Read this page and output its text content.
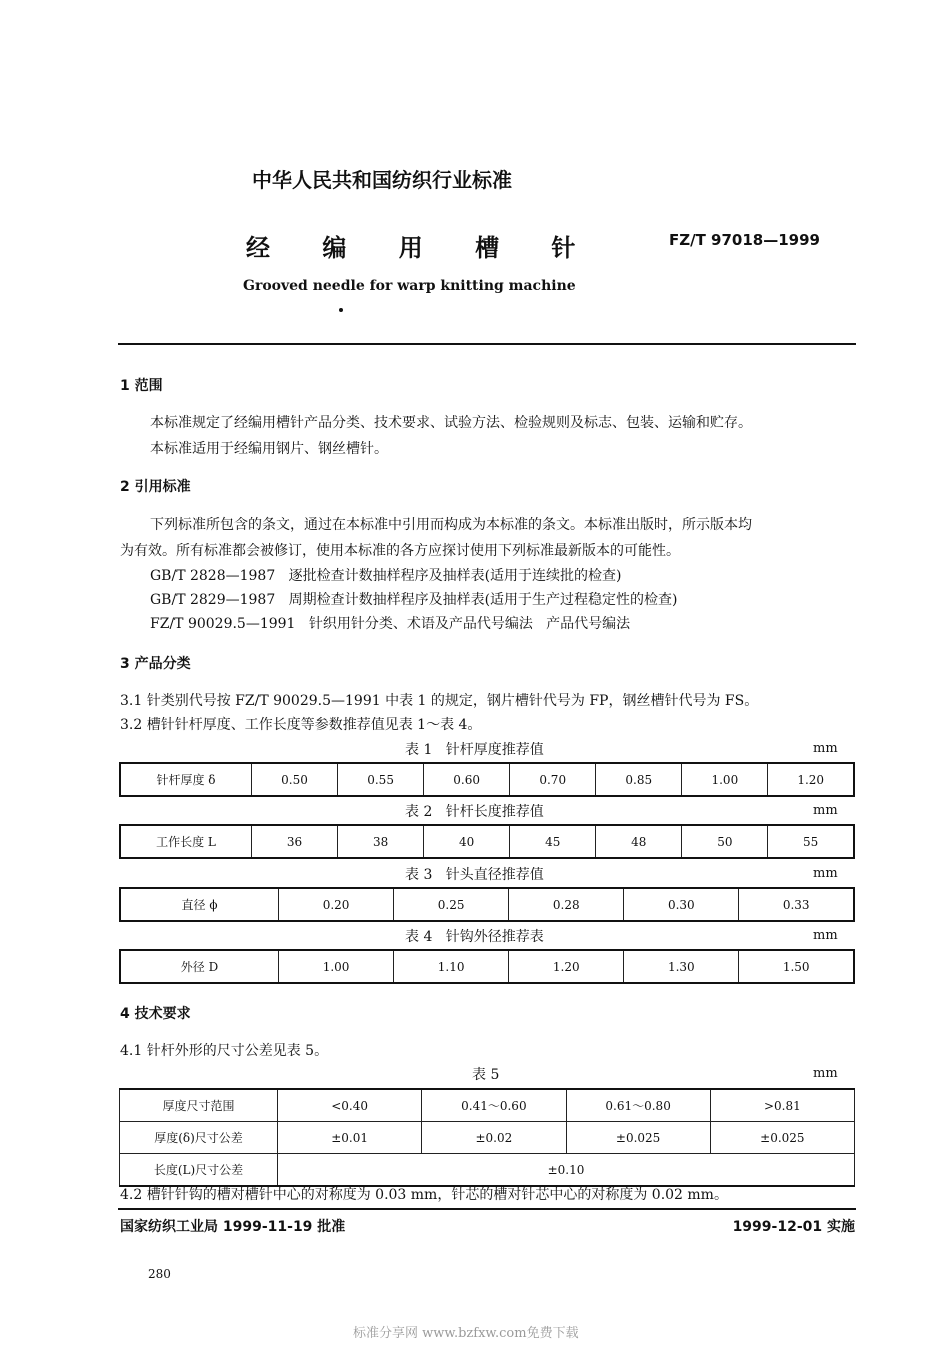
中华人民共和国纺织行业标准
经 编 用 槽 针	FZ/T 97018—1999
Grooved needle for warp knitting machine
1 范围
本标准规定了经编用槽针产品分类、技术要求、试验方法、检验规则及标志、包装、运输和贮存。
本标准适用于经编用钢片、钢丝槽针。
2 引用标准
下列标准所包含的条文，通过在本标准中引用而构成为本标准的条文。本标准出版时，所示版本均
为有效。所有标准都会被修订，使用本标准的各方应探讨使用下列标准最新版本的可能性。
GB/T 2828—1987   逐批检查计数抽样程序及抽样表(适用于连续批的检查)
GB/T 2829—1987   周期检查计数抽样程序及抽样表(适用于生产过程稳定性的检查)
FZ/T 90029.5—1991   针织用针分类、术语及产品代号编法   产品代号编法
3 产品分类
3.1 针类别代号按 FZ/T 90029.5—1991 中表 1 的规定，钢片槽针代号为 FP，钢丝槽针代号为 FS。
3.2 槽针针杆厚度、工作长度等参数推荐值见表 1～表 4。
表 1   针杆厚度推荐值	mm
针杆厚度 δ	0.50	0.55	0.60	0.70	0.85	1.00	1.20
表 2   针杆长度推荐值	mm
工作长度 L	36	38	40	45	48	50	55
表 3   针头直径推荐值	mm
直径 ϕ	0.20	0.25	0.28	0.30	0.33
表 4   针钩外径推荐表	mm
外径 D	1.00	1.10	1.20	1.30	1.50
4 技术要求
4.1 针杆外形的尺寸公差见表 5。
表 5	mm
厚度尺寸范围	<0.40	0.41～0.60	0.61～0.80	>0.81
厚度(δ)尺寸公差	±0.01	±0.02	±0.025	±0.025
长度(L)尺寸公差	±0.10			
4.2 槽针针钩的槽对槽针中心的对称度为 0.03 mm，针芯的槽对针芯中心的对称度为 0.02 mm。
国家纺织工业局 1999-11-19 批准	1999-12-01 实施
280
标准分享网 www.bzfxw.com免费下载
